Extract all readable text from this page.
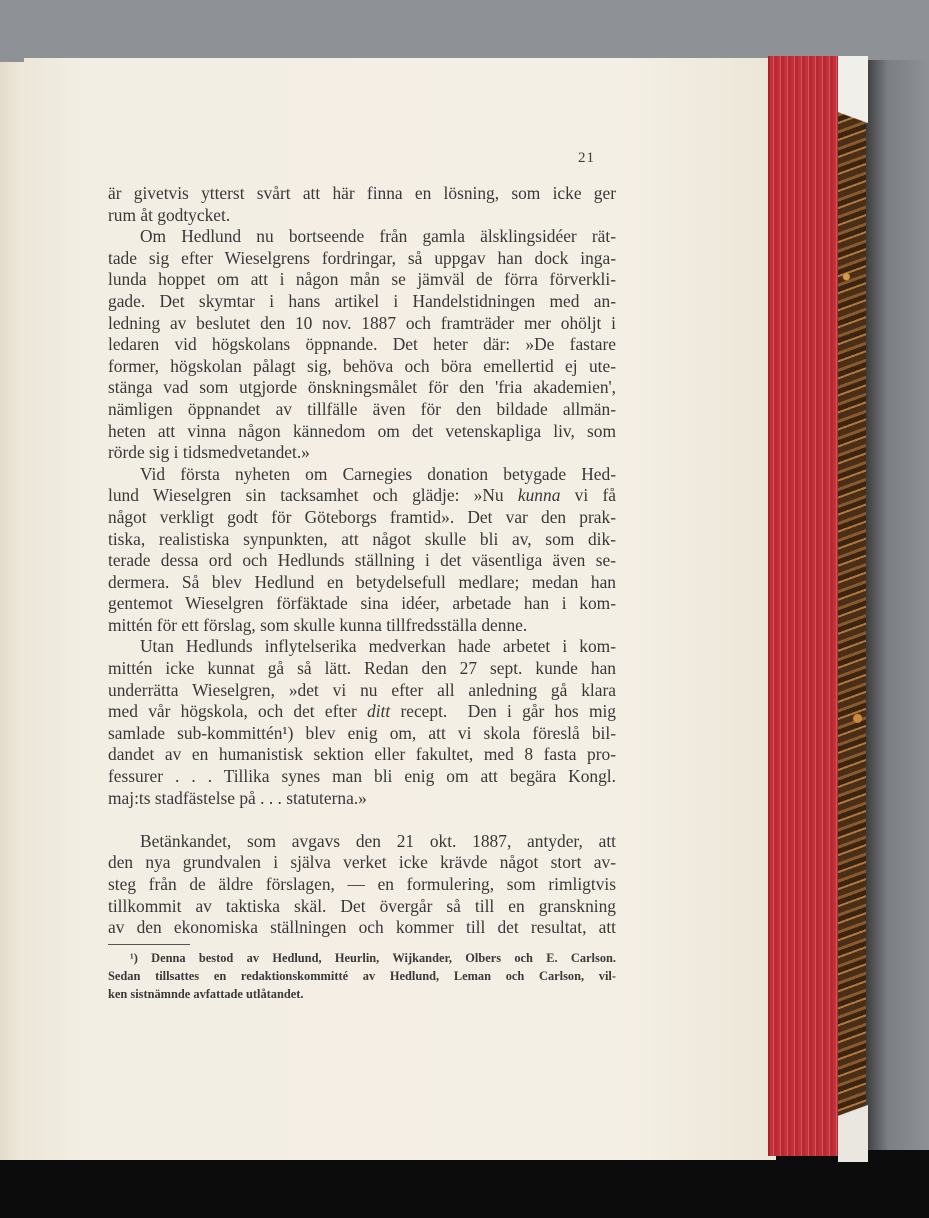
21
är givetvis ytterst svårt att här finna en lösning, som icke ger
rum åt godtycket.
Om Hedlund nu bortseende från gamla älsklingsidéer rät-
tade sig efter Wieselgrens fordringar, så uppgav han dock inga-
lunda hoppet om att i någon mån se jämväl de förra förverkli-
gade. Det skymtar i hans artikel i Handelstidningen med an-
ledning av beslutet den 10 nov. 1887 och framträder mer ohöljt i
ledaren vid högskolans öppnande. Det heter där: »De fastare
former, högskolan pålagt sig, behöva och böra emellertid ej ute-
stänga vad som utgjorde önskningsmålet för den 'fria akademien',
nämligen öppnandet av tillfälle även för den bildade allmän-
heten att vinna någon kännedom om det vetenskapliga liv, som
rörde sig i tidsmedvetandet.»
Vid första nyheten om Carnegies donation betygade Hed-
lund Wieselgren sin tacksamhet och glädje: »Nu kunna vi få
något verkligt godt för Göteborgs framtid». Det var den prak-
tiska, realistiska synpunkten, att något skulle bli av, som dik-
terade dessa ord och Hedlunds ställning i det väsentliga även se-
dermera. Så blev Hedlund en betydelsefull medlare; medan han
gentemot Wieselgren förfäktade sina idéer, arbetade han i kom-
mittén för ett förslag, som skulle kunna tillfredsställa denne.
Utan Hedlunds inflytelserika medverkan hade arbetet i kom-
mittén icke kunnat gå så lätt. Redan den 27 sept. kunde han
underrätta Wieselgren, »det vi nu efter all anledning gå klara
med vår högskola, och det efter ditt recept.  Den i går hos mig
samlade sub-kommittén¹) blev enig om, att vi skola föreslå bil-
dandet av en humanistisk sektion eller fakultet, med 8 fasta pro-
fessurer . . . Tillika synes man bli enig om att begära Kongl.
maj:ts stadfästelse på . . . statuterna.»
Betänkandet, som avgavs den 21 okt. 1887, antyder, att
den nya grundvalen i själva verket icke krävde något stort av-
steg från de äldre förslagen, — en formulering, som rimligtvis
tillkommit av taktiska skäl. Det övergår så till en granskning
av den ekonomiska ställningen och kommer till det resultat, att
¹) Denna bestod av Hedlund, Heurlin, Wijkander, Olbers och E. Carlson.
Sedan tillsattes en redaktionskommitté av Hedlund, Leman och Carlson, vil-
ken sistnämnde avfattade utlåtandet.
